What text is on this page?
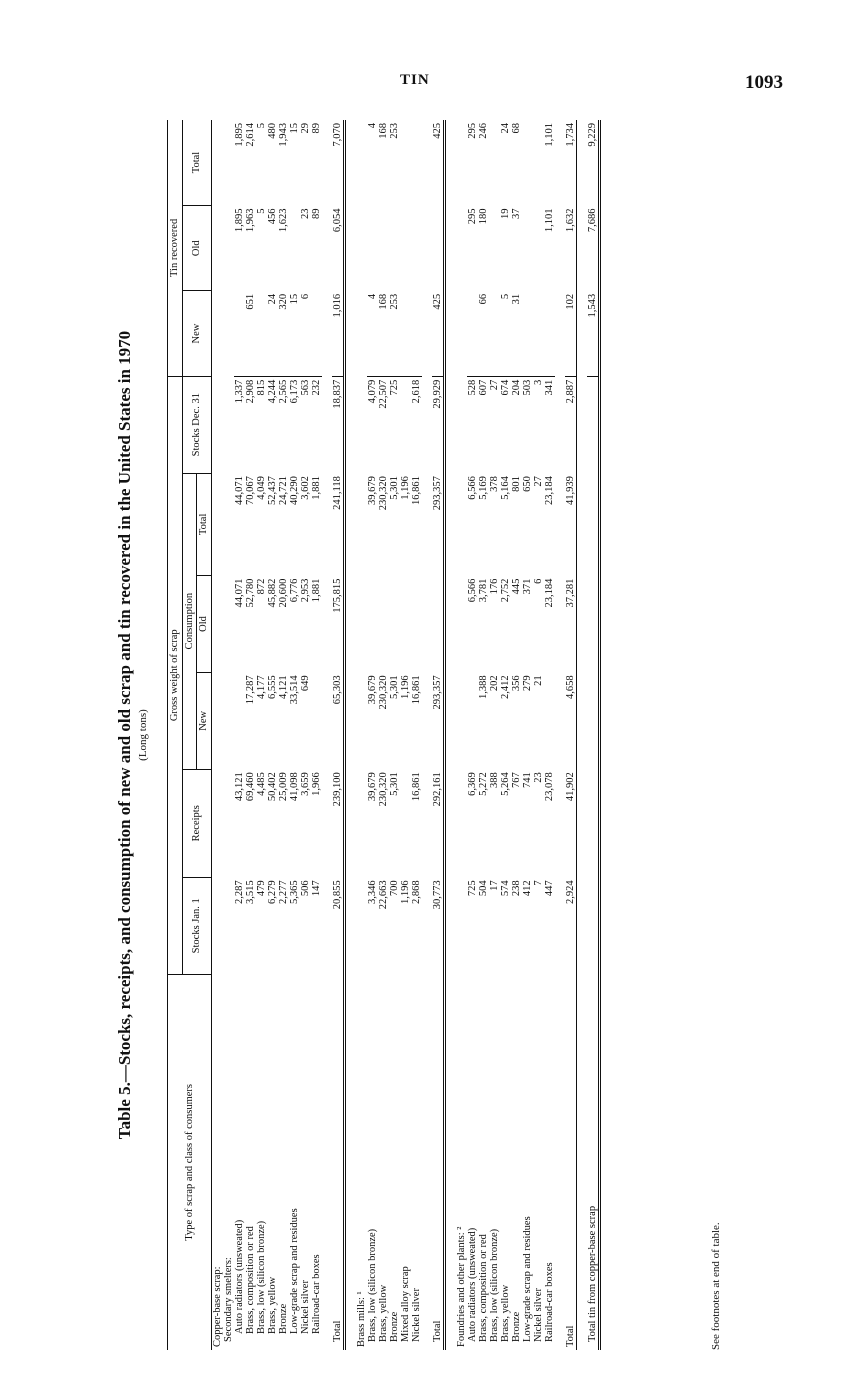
TIN	1093
Table 5.—Stocks, receipts, and consumption of new and old scrap and tin recovered in the United States in 1970 (Long tons)
Type of scrap and class of consumers	Gross weight of scrap						Tin recovered		
	Stocks Jan. 1	Receipts	Consumption			Stocks Dec. 31	New	Old	Total
			New	Old	Total				
Copper-base scrap:									
Secondary smelters:									
Auto radiators (unsweated)	2,287	43,121		44,071	44,071	1,337		1,895	1,895
Brass, composition or red	3,515	69,460	17,287	52,780	70,067	2,908	651	1,963	2,614
Brass, low (silicon bronze)	479	4,485	4,177	872	4,049	815		5	5
Brass, yellow	6,279	50,402	6,555	45,882	52,437	4,244	24	456	480
Bronze	2,277	25,009	4,121	20,600	24,721	2,565	320	1,623	1,943
Low-grade scrap and residues	5,365	41,098	33,514	6,776	40,290	6,173	15		15
Nickel silver	506	3,659	649	2,953	3,602	563	6	23	29
Railroad-car boxes	147	1,966		1,881	1,881	232		89	89

Total	20,855	239,100	65,303	175,815	241,118	18,837	1,016	6,054	7,070

Brass mills: ¹									
Brass, low (silicon bronze)	3,346	39,679	39,679		39,679	4,079	4		4
Brass, yellow	22,663	230,320	230,320		230,320	22,507	168		168
Bronze	700	5,301	5,301		5,301	725	253		253
Mixed alloy scrap	1,196		1,196		1,196				
Nickel silver	2,868	16,861	16,861		16,861	2,618			

Total	30,773	292,161	293,357		293,357	29,929	425		425

Foundries and other plants: ²									
Auto radiators (unsweated)	725	6,369		6,566	6,566	528		295	295
Brass, composition or red	504	5,272	1,388	3,781	5,169	607	66	180	246
Brass, low (silicon bronze)	17	388	202	176	378	27			
Brass, yellow	574	5,264	2,412	2,752	5,164	674	5	19	24
Bronze	238	767	356	445	801	204	31	37	68
Low-grade scrap and residues	412	741	279	371	650	503			
Nickel silver	7	23	21	6	27	3			
Railroad-car boxes	447	23,078		23,184	23,184	341		1,101	1,101

Total	2,924	41,902	4,658	37,281	41,939	2,887	102	1,632	1,734

Total tin from copper-base scrap							1,543	7,686	9,229
See footnotes at end of table.
